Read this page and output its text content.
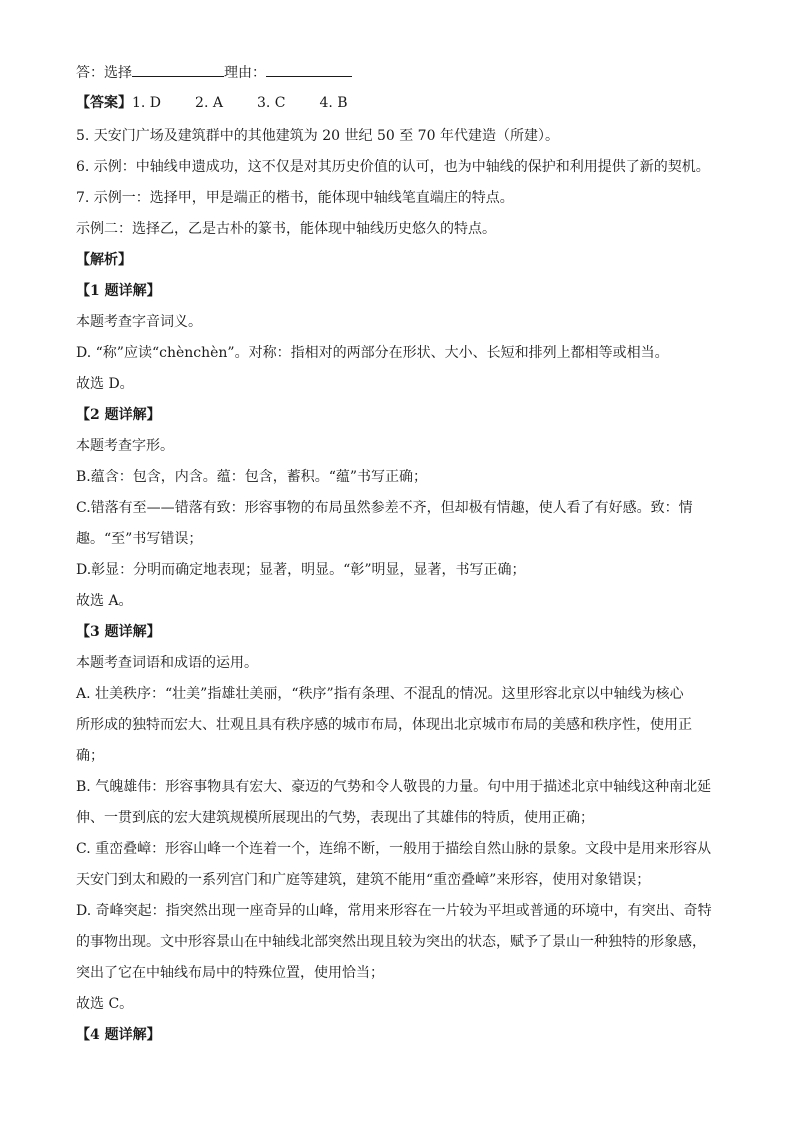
答：选择	理由：
【答案】1. D 2. A 3. C 4. B
5. 天安门广场及建筑群中的其他建筑为 20 世纪 50 至 70 年代建造（所建）。
6. 示例：中轴线申遗成功，这不仅是对其历史价值的认可，也为中轴线的保护和利用提供了新的契机。
7. 示例一：选择甲，甲是端正的楷书，能体现中轴线笔直端庄的特点。
示例二：选择乙，乙是古朴的篆书，能体现中轴线历史悠久的特点。
【解析】
【1 题详解】
本题考查字音词义。
D. “称”应读“chènchèn”。对称：指相对的两部分在形状、大小、长短和排列上都相等或相当。
故选 D。
【2 题详解】
本题考查字形。
B.蕴含：包含，内含。蕴：包含，蓄积。“蕴”书写正确；
C.错落有至——错落有致：形容事物的布局虽然参差不齐，但却极有情趣，使人看了有好感。致：情
趣。“至”书写错误；
D.彰显：分明而确定地表现；显著，明显。“彰”明显，显著，书写正确；
故选 A。
【3 题详解】
本题考查词语和成语的运用。
A. 壮美秩序：“壮美”指雄壮美丽，“秩序”指有条理、不混乱的情况。这里形容北京以中轴线为核心
所形成的独特而宏大、壮观且具有秩序感的城市布局，体现出北京城市布局的美感和秩序性，使用正
确；
B. 气魄雄伟：形容事物具有宏大、豪迈的气势和令人敬畏的力量。句中用于描述北京中轴线这种南北延
伸、一贯到底的宏大建筑规模所展现出的气势，表现出了其雄伟的特质，使用正确；
C. 重峦叠嶂：形容山峰一个连着一个，连绵不断，一般用于描绘自然山脉的景象。文段中是用来形容从
天安门到太和殿的一系列宫门和广庭等建筑，建筑不能用“重峦叠嶂”来形容，使用对象错误；
D. 奇峰突起：指突然出现一座奇异的山峰，常用来形容在一片较为平坦或普通的环境中，有突出、奇特
的事物出现。文中形容景山在中轴线北部突然出现且较为突出的状态，赋予了景山一种独特的形象感，
突出了它在中轴线布局中的特殊位置，使用恰当；
故选 C。
【4 题详解】
